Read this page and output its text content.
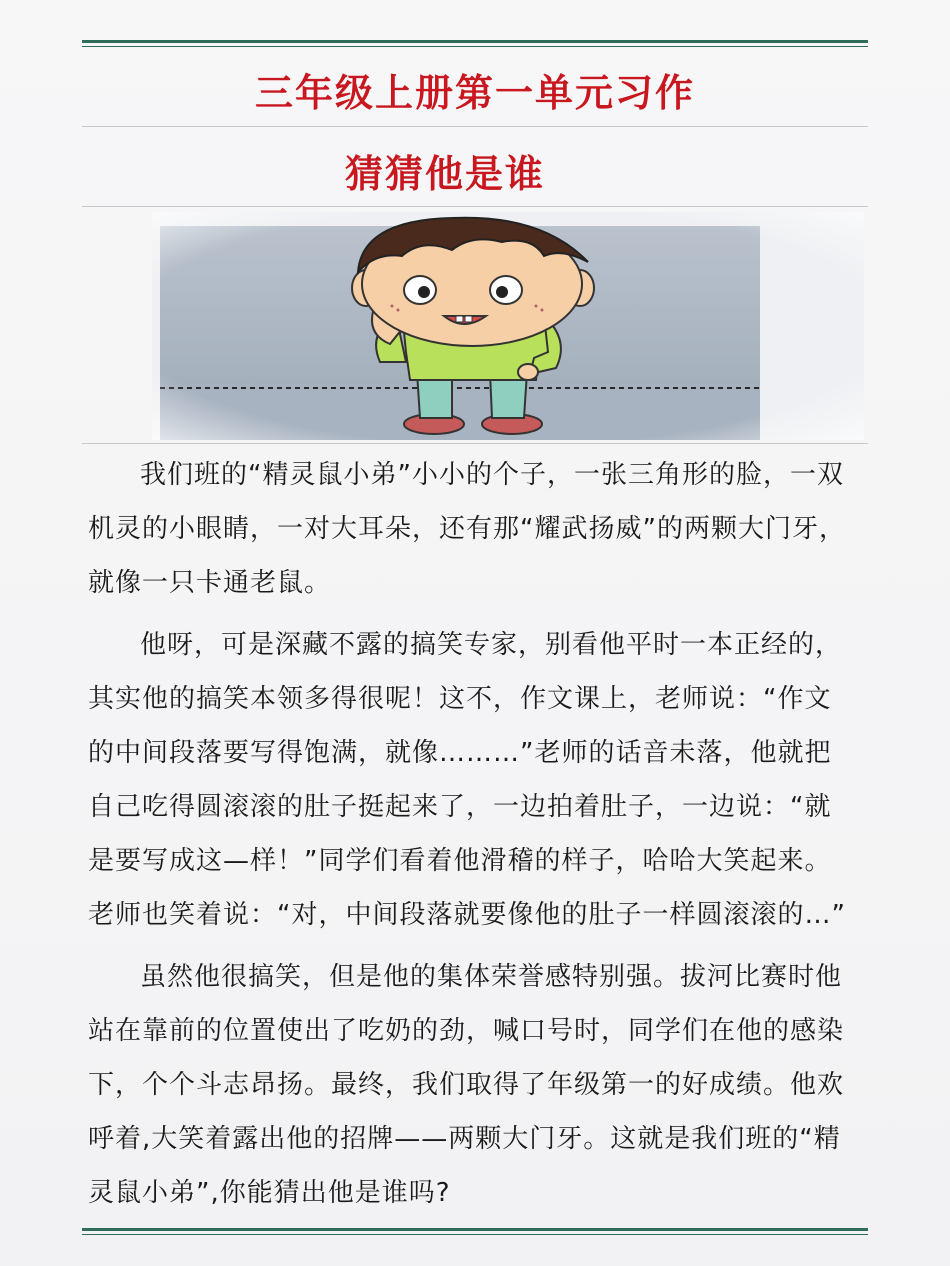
三年级上册第一单元习作
猜猜他是谁

我们班的“精灵鼠小弟”小小的个子，一张三角形的脸，一双机灵的小眼睛，一对大耳朵，还有那“耀武扬威”的两颗大门牙，就像一只卡通老鼠。

他呀，可是深藏不露的搞笑专家，别看他平时一本正经的，其实他的搞笑本领多得很呢！这不，作文课上，老师说：“作文的中间段落要写得饱满，就像………”老师的话音未落，他就把自己吃得圆滚滚的肚子挺起来了，一边拍着肚子，一边说：“就是要写成这—样！”同学们看着他滑稽的样子，哈哈大笑起来。老师也笑着说：“对，中间段落就要像他的肚子一样圆滚滚的…”

虽然他很搞笑，但是他的集体荣誉感特别强。拔河比赛时他站在靠前的位置使出了吃奶的劲，喊口号时，同学们在他的感染下，个个斗志昂扬。最终，我们取得了年级第一的好成绩。他欢呼着,大笑着露出他的招牌——两颗大门牙。这就是我们班的“精灵鼠小弟”,你能猜出他是谁吗?
